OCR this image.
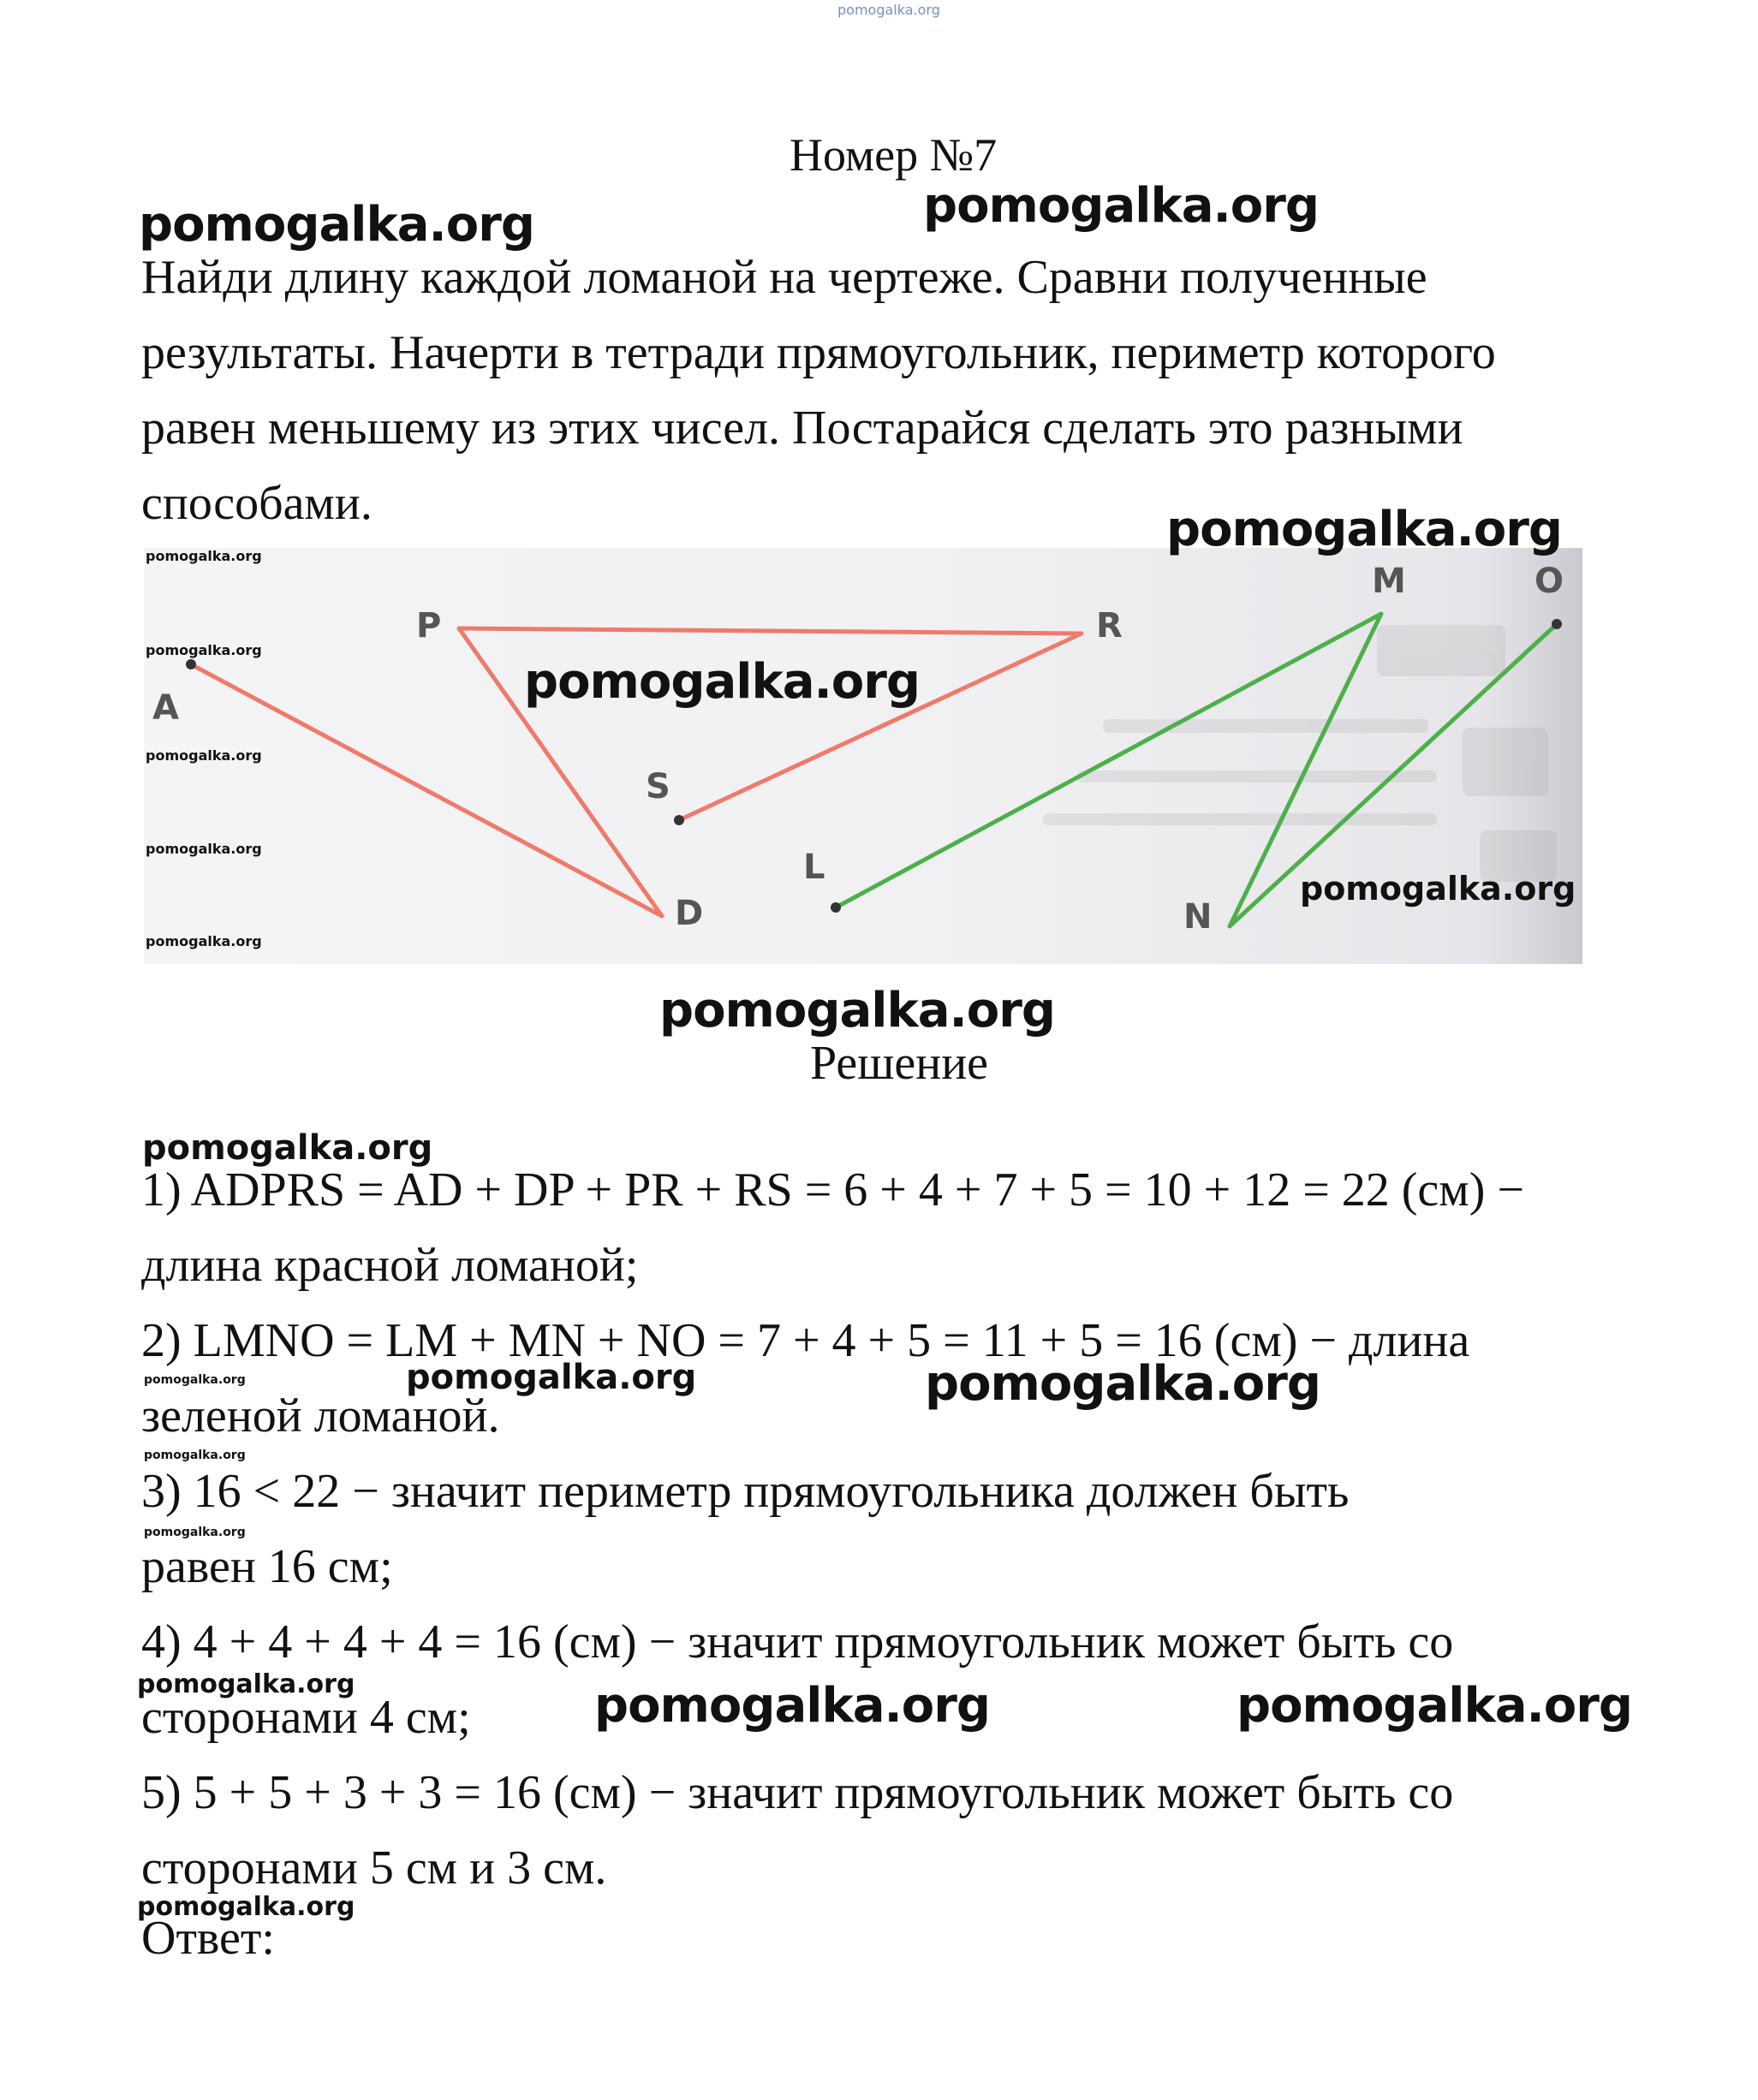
pomogalka.org
Номер №7
Найди длину каждой ломаной на чертеже. Сравни полученные
результаты. Начерти в тетради прямоугольник, периметр которого
равен меньшему из этих чисел. Постарайся сделать это разными
способами.
A
P	R
S
D
L
M
N
O
Решение
1) ADPRS = AD + DP + PR + RS = 6 + 4 + 7 + 5 = 10 + 12 = 22 (см) −
длина красной ломаной;
2) LMNO = LM + MN + NO = 7 + 4 + 5 = 11 + 5 = 16 (см) − длина
зеленой ломаной.
3) 16 < 22 − значит периметр прямоугольника должен быть
равен 16 см;
4) 4 + 4 + 4 + 4 = 16 (см) − значит прямоугольник может быть со
сторонами 4 см;
5) 5 + 5 + 3 + 3 = 16 (см) − значит прямоугольник может быть со
сторонами 5 см и 3 см.
Ответ:
pomogalka.org	pomogalka.org
pomogalka.org
pomogalka.org
pomogalka.org
pomogalka.org
pomogalka.org
pomogalka.org
pomogalka.org
pomogalka.org
pomogalka.org
pomogalka.org
pomogalka.org	pomogalka.org
pomogalka.org
pomogalka.org
pomogalka.org
pomogalka.org	pomogalka.org	pomogalka.org
pomogalka.org
